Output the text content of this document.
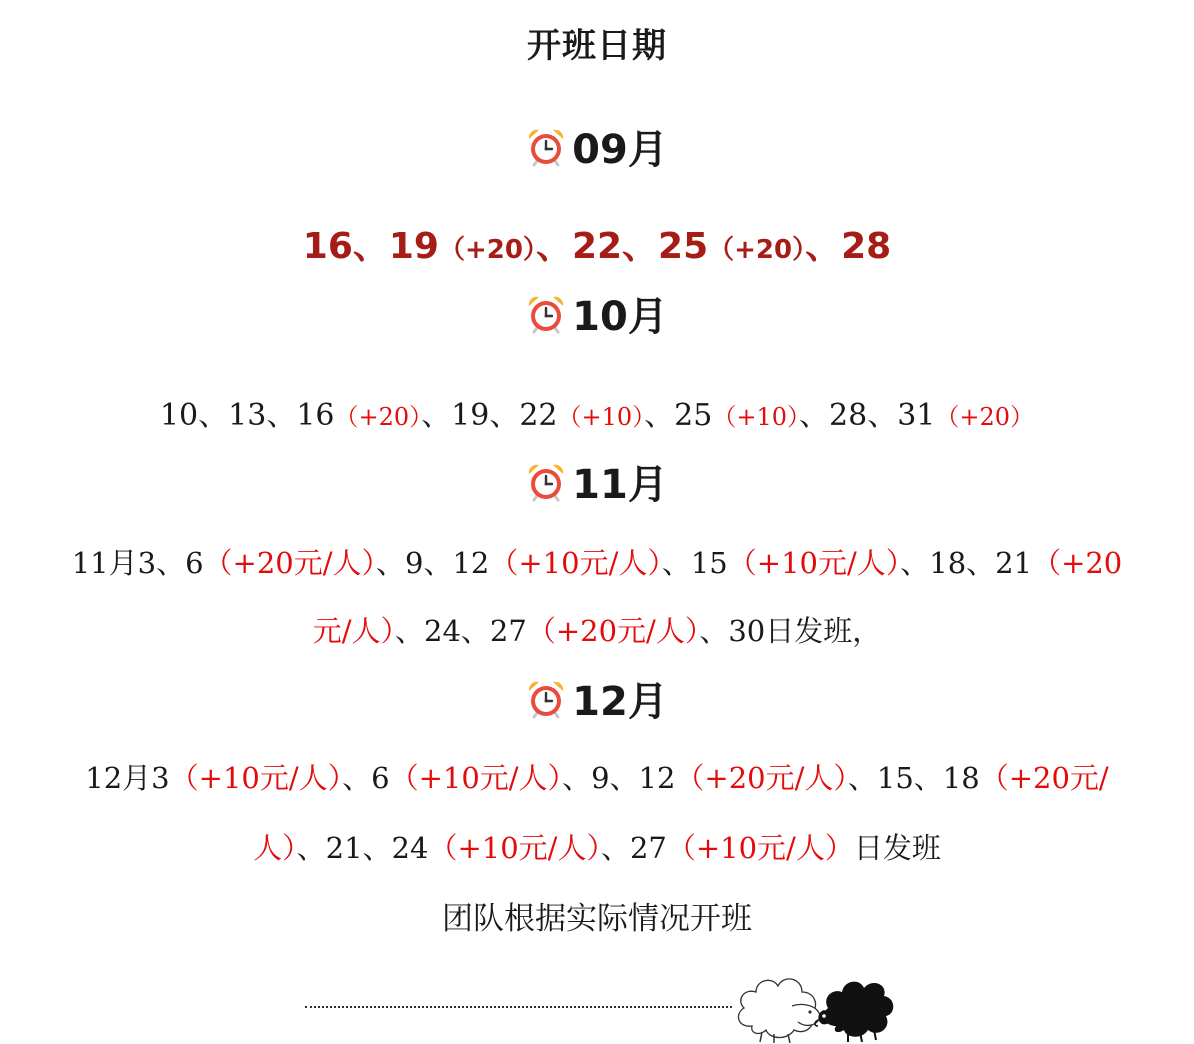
开班日期
09月
16、19（+20）、22、25（+20）、28
10月
10、13、16（+20）、19、22（+10）、25（+10）、28、31（+20）
11月
11月3、6（+20元/人）、9、12（+10元/人）、15（+10元/人）、18、21（+20
元/人）、24、27（+20元/人）、30日发班，
12月
12月3（+10元/人）、6（+10元/人）、9、12（+20元/人）、15、18（+20元/
人）、21、24（+10元/人）、27（+10元/人）日发班
团队根据实际情况开班
